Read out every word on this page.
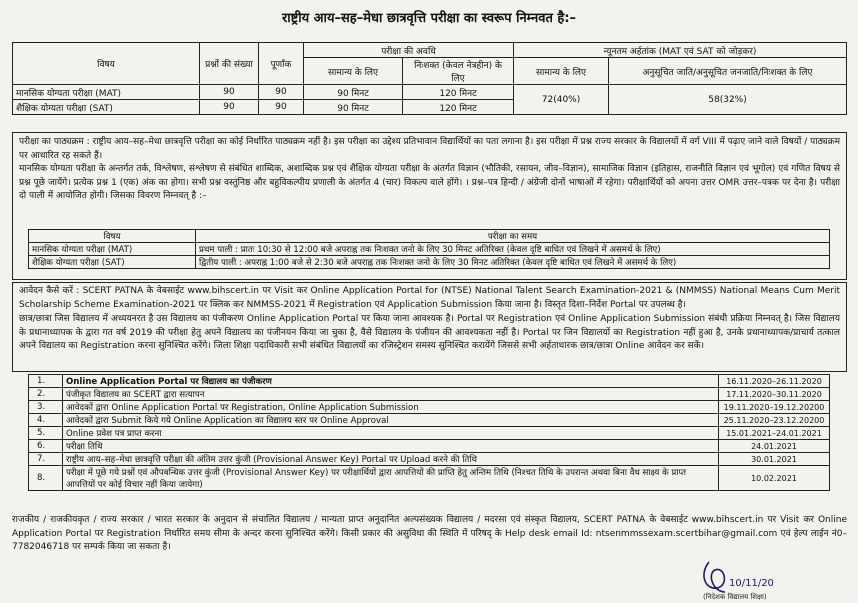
राष्ट्रीय आय–सह–मेधा छात्रवृत्ति परीक्षा का स्वरूप निम्नवत है:–
विषय	प्रश्नों की संख्या	पूर्णांक	परीक्षा की अवधि		न्यूनतम अर्हतांक (MAT एवं SAT को जोड़कर)	
			सामान्य के लिए	निःशक्त (केवल नेत्रहीन) के लिए	सामान्य के लिए	अनुसूचित जाति/अनुसूचित जनजाति/निःशक्त के लिए
मानसिक योग्यता परीक्षा (MAT)	90	90	90 मिनट	120 मिनट	72(40%)	58(32%)
शैक्षिक योग्यता परीक्षा (SAT)	90	90	90 मिनट	120 मिनट		
परीक्षा का पाठ्यक्रम : राष्ट्रीय आय–सह–मेधा छात्रवृत्ति परीक्षा का कोई निर्धारित पाठ्यक्रम नहीं है। इस परीक्षा का उद्देश्य प्रतिभावान विद्यार्थियों का पता लगाना है। इस परीक्षा में प्रश्न राज्य सरकार के विद्यालयों में वर्ग VIII में पढ़ाए जाने वाले विषयों / पाठ्यक्रम पर आधारित रह सकते हैं।
मानसिक योग्यता परीक्षा के अन्तर्गत तर्क, विश्लेषण, संश्लेषण से संबंधित शाब्दिक, अशाब्दिक प्रश्न एवं शैक्षिक योग्यता परीक्षा के अंतर्गत विज्ञान (भौतिकी, रसायन, जीव–विज्ञान), सामाजिक विज्ञान (इतिहास, राजनीति विज्ञान एवं भूगोल) एवं गणित विषय से प्रश्न पूछे जायेंगे। प्रत्येक प्रश्न 1 (एक) अंक का होगा। सभी प्रश्न वस्तुनिष्ठ और बहुविकल्पीय प्रणाली के अंतर्गत 4 (चार) विकल्प वाले होंगे। । प्रश्न–पत्र हिन्दी / अंग्रेजी दोनों भाषाओं में रहेगा। परीक्षार्थियों को अपना उत्तर OMR उत्तर–पत्रक पर देना है। परीक्षा दो पाली में आयोजित होगी। जिसका विवरण निम्नवत् है :–
विषय	परीक्षा का समय
मानसिक योग्यता परीक्षा (MAT)	प्रथम पाली : प्रातः 10:30 से 12:00 बजे अपराह्न तक निःशक्त जनो के लिए 30 मिनट अतिरिक्त (केवल दृष्टि बाधित एवं लिखने में असमर्थ के लिए)
शैक्षिक योग्यता परीक्षा (SAT)	द्वितीय पाली : अपराह्न 1:00 बजे से 2:30 बजे अपराह्न तक निःशक्त जनो के लिए 30 मिनट अतिरिक्त (केवल दृष्टि बाधित एवं लिखने में असमर्थ के लिए)
आवेदन कैसे करें : SCERT PATNA के वेबसाईट www.bihscert.in पर Visit कर Online Application Portal for (NTSE) National Talent Search Examination-2021 & (NMMSS) National Means Cum Merit Scholarship Scheme Examination-2021 पर क्लिक कर NMMSS-2021 में Registration एवं Application Submission किया जाना है। विस्तृत दिशा–निर्देश Portal पर उपलब्ध है।
छात्र/छात्रा जिस विद्यालय में अध्ययनरत है उस विद्यालय का पंजीकरण Online Application Portal पर किया जाना आवश्यक है। Portal पर Registration एवं Online Application Submission संबंधी प्रक्रिया निम्नवत् है। जिस विद्यालय के प्रधानाध्यापक के द्वारा गत वर्ष 2019 की परीक्षा हेतु अपने विद्यालय का पंजीनयन किया जा चुका है, वैसे विद्यालय के पंजीयन की आवश्यकता नहीं है। Portal पर जिन विद्यालयों का Registration नहीं हुआ है, उनके प्रधानाध्यापक/प्राचार्य तत्काल अपने विद्यालय का Registration करना सुनिश्चित करेंगे। जिला शिक्षा पदाधिकारी सभी संबंधित विद्यालयों का रजिस्ट्रेशन समस्य सुनिश्चित करायेंगे जिससे सभी अर्हताधारक छात्र/छात्रा Online आवेदन कर सकें।
1.	Online Application Portal पर विद्यालय का पंजीकरण	16.11.2020–26.11.2020
2.	पंजीकृत विद्यालय का SCERT द्वारा सत्यापन	17.11.2020–30.11.2020
3.	आवेदकों द्वारा Online Application Portal पर Registration, Online Application Submission	19.11.2020–19.12.20200
4.	आवेदकों द्वारा Submit किये गये Online Application का विद्यालय स्तर पर Online Approval	25.11.2020–23.12.20200
5.	Online प्रवेश पत्र प्राप्त करना	15.01.2021–24.01.2021
6.	परीक्षा तिथि	24.01.2021
7.	राष्ट्रीय आय–सह–मेधा छात्रवृत्ति परीक्षा की अंतिम उत्तर कुंजी (Provisional Answer Key) Portal पर Upload करने की तिथि	30.01.2021
8.	परीक्षा में पूछे गये प्रश्नों एवं औपबन्धिक उत्तर कुंजी (Provisional Answer Key) पर परीक्षार्थियों द्वारा आपत्तियों की प्राप्ति हेतु अन्तिम तिथि (निश्चत तिथि के उपरान्त अथवा बिना वैध साक्ष्य के प्राप्त आपत्तियों पर कोई विचार नहीं किया जायेगा)	10.02.2021
राजकीय / राजकीयकृत / राज्य सरकार / भारत सरकार के अनुदान से संचालित विद्यालय / मान्यता प्राप्त अनुदानित अल्पसंख्यक विद्यालय / मदरसा एवं संस्कृत विद्यालय, SCERT PATNA के वेबसाईट www.bihscert.in पर Visit कर Online Application Portal पर Registration निर्धारित समय सीमा के अन्दर करना सुनिश्चित करेंगे। किसी प्रकार की असुविधा की स्थिति में परिषद् के Help desk email Id: ntsenmmssexam.scertbihar@gmail.com एवं हेल्प लाईन नं0–7782046718 पर सम्पर्क किया जा सकता है।
10/11/20
(निदेशक विद्यालय शिक्षा)
